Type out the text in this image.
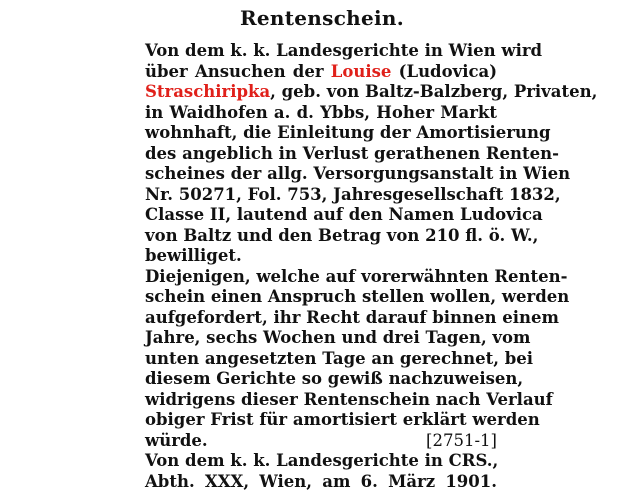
Rentenschein.
Von dem k. k. Landesgerichte in Wien wird
über Ansuchen der Louise (Ludovica)
Straschiripka, geb. von Baltz-Balzberg, Privaten,
in Waidhofen a. d. Ybbs, Hoher Markt
wohnhaft, die Einleitung der Amortisierung
des angeblich in Verlust gerathenen Renten-
scheines der allg. Versorgungsanstalt in Wien
Nr. 50271, Fol. 753, Jahresgesellschaft 1832,
Classe II, lautend auf den Namen Ludovica
von Baltz und den Betrag von 210 fl. ö. W.,
bewilliget.
Diejenigen, welche auf vorerwähnten Renten-
schein einen Anspruch stellen wollen, werden
aufgefordert, ihr Recht darauf binnen einem
Jahre, sechs Wochen und drei Tagen, vom
unten angesetzten Tage an gerechnet, bei
diesem Gerichte so gewiß nachzuweisen,
widrigens dieser Rentenschein nach Verlauf
obiger Frist für amortisiert erklärt werden
würde.	[2751-1]
Von dem k. k. Landesgerichte in CRS.,
Abth. XXX, Wien, am 6. März 1901.
